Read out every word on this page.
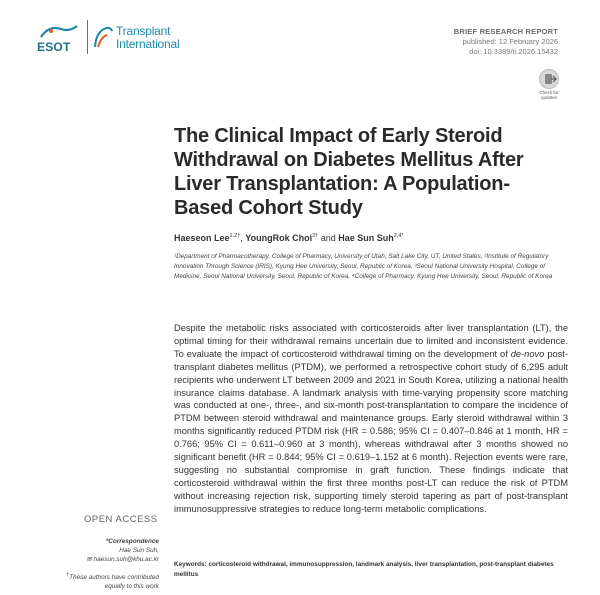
ESOT
Transplant
International
BRIEF RESEARCH REPORT
published: 12 February 2026
doi: 10.3389/ti.2026.15432
Check for updates
The Clinical Impact of Early Steroid Withdrawal on Diabetes Mellitus After Liver Transplantation: A Population-Based Cohort Study
Haeseon Lee$^{1,2\dagger}$, YoungRok Choi$^{3\dagger}$ and Hae Sun Suh$^{2,4*}$
¹Department of Pharmacotherapy, College of Pharmacy, University of Utah, Salt Lake City, UT, United States, ²Institute of Regulatory Innovation Through Science (IRIS), Kyung Hee University, Seoul, Republic of Korea, ³Seoul National University Hospital, College of Medicine, Seoul National University, Seoul, Republic of Korea, ⁴College of Pharmacy, Kyung Hee University, Seoul, Republic of Korea

Despite the metabolic risks associated with corticosteroids after liver transplantation (LT), the optimal timing for their withdrawal remains uncertain due to limited and inconsistent evidence. To evaluate the impact of corticosteroid withdrawal timing on the development of de-novo post-transplant diabetes mellitus (PTDM), we performed a retrospective cohort study of 6,295 adult recipients who underwent LT between 2009 and 2021 in South Korea, utilizing a national health insurance claims database. A landmark analysis with time-varying propensity score matching was conducted at one-, three-, and six-month post-transplantation to compare the incidence of PTDM between steroid withdrawal and maintenance groups. Early steroid withdrawal within 3 months significantly reduced PTDM risk (HR = 0.586; 95% CI = 0.407–0.846 at 1 month, HR = 0.766; 95% CI = 0.611–0.960 at 3 month), whereas withdrawal after 3 months showed no significant benefit (HR = 0.844; 95% CI = 0.619–1.152 at 6 month). Rejection events were rare, suggesting no substantial compromise in graft function. These findings indicate that corticosteroid withdrawal within the first three months post-LT can reduce the risk of PTDM without increasing rejection risk, supporting timely steroid tapering as part of post-transplant immunosuppressive strategies to reduce long-term metabolic complications.

Keywords: corticosteroid withdrawal, immunosuppression, landmark analysis, liver transplantation, post-transplant diabetes mellitus
OPEN ACCESS
*Correspondence
Hae Sun Suh,
✉ haesun.suh@khu.ac.kr
†These authors have contributed
equally to this work
